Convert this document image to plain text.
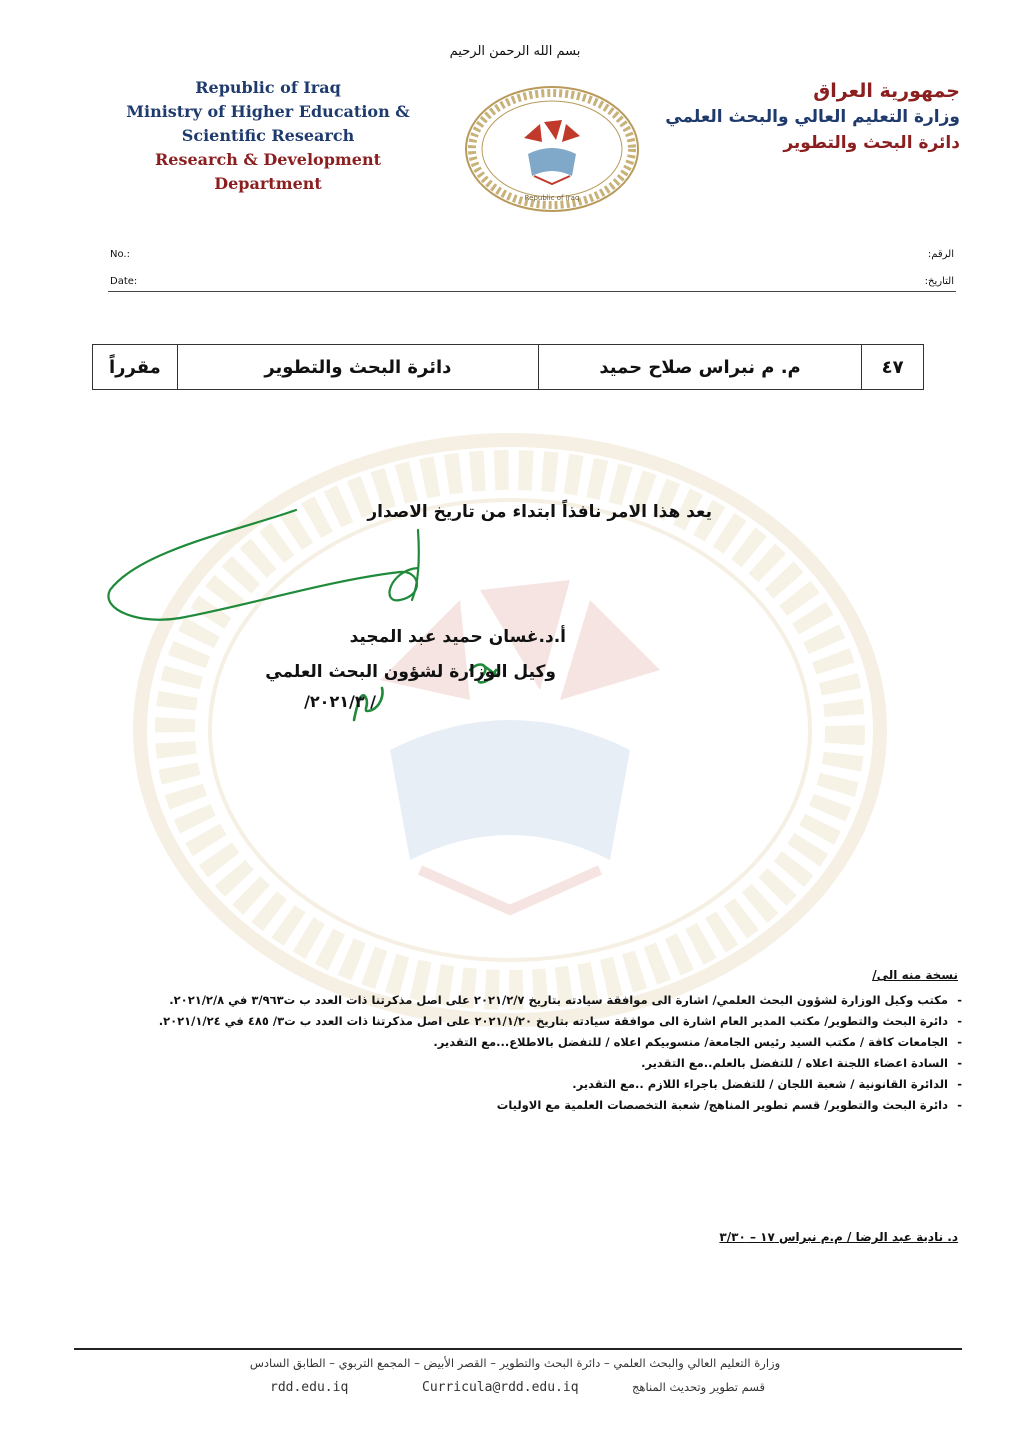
بسم الله الرحمن الرحيم
Republic of Iraq
Ministry of Higher Education &
Scientific Research
Research & Development
Department
Republic of Iraq
جمهورية العراق
وزارة التعليم العالي والبحث العلمي
دائرة البحث والتطوير
No.:
Date:
الرقم:
التاريخ:
٤٧
م. م نبراس صلاح حميد
دائرة البحث والتطوير
مقرراً
يعد هذا الامر نافذاً ابتداء من تاريخ الاصدار
أ.د.غسان حميد عبد المجيد
وكيل الوزارة لشؤون البحث العلمي
/ ٢٠٢١/٣/
نسخة منه الى/
- مكتب وكيل الوزارة لشؤون البحث العلمي/ اشارة الى موافقة سيادته بتاريخ ٢٠٢١/٢/٧ على اصل مذكرتنا ذات العدد ب ت٣/٩٦٣ في ٢٠٢١/٢/٨.
- دائرة البحث والتطوير/ مكتب المدير العام اشارة الى موافقة سيادته بتاريخ ٢٠٢١/١/٢٠ على اصل مذكرتنا ذات العدد ب ت٣/ ٤٨٥ في ٢٠٢١/١/٢٤.
- الجامعات كافة / مكتب السيد رئيس الجامعة/ منسوبيكم اعلاه / للتفضل بالاطلاع...مع التقدير.
- السادة اعضاء اللجنة اعلاه / للتفضل بالعلم..مع التقدير.
- الدائرة القانونية / شعبة اللجان / للتفضل باجراء اللازم ..مع التقدير.
- دائرة البحث والتطوير/ قسم تطوير المناهج/ شعبة التخصصات العلمية مع الاوليات
د. نادية عبد الرضا / م.م نبراس ١٧ – ٣/٣٠
وزارة التعليم العالي والبحث العلمي – دائرة البحث والتطوير – القصر الأبيض – المجمع التربوي – الطابق السادس
rdd.edu.iq	Curricula@rdd.edu.iq	قسم تطوير وتحديث المناهج
